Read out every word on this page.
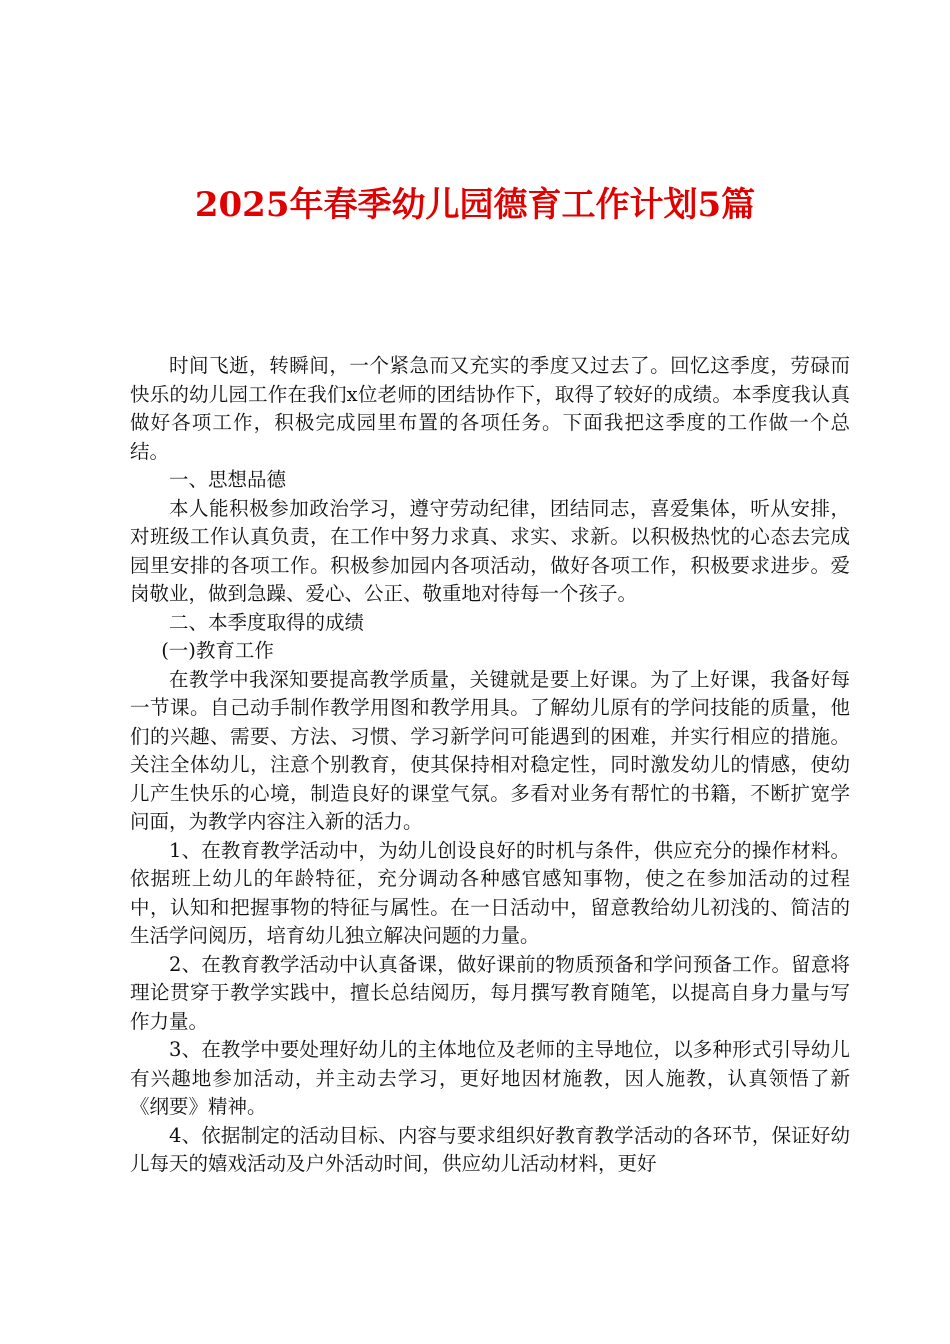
2025年春季幼儿园德育工作计划5篇

时间飞逝，转瞬间，一个紧急而又充实的季度又过去了。回忆这季度，劳碌而快乐的幼儿园工作在我们x位老师的团结协作下，取得了较好的成绩。本季度我认真做好各项工作，积极完成园里布置的各项任务。下面我把这季度的工作做一个总结。

一、思想品德

本人能积极参加政治学习，遵守劳动纪律，团结同志，喜爱集体，听从安排，对班级工作认真负责，在工作中努力求真、求实、求新。以积极热忱的心态去完成园里安排的各项工作。积极参加园内各项活动，做好各项工作，积极要求进步。爱岗敬业，做到急躁、爱心、公正、敬重地对待每一个孩子。

二、本季度取得的成绩

(一)教育工作

在教学中我深知要提高教学质量，关键就是要上好课。为了上好课，我备好每一节课。自己动手制作教学用图和教学用具。了解幼儿原有的学问技能的质量，他们的兴趣、需要、方法、习惯、学习新学问可能遇到的困难，并实行相应的措施。关注全体幼儿，注意个别教育，使其保持相对稳定性，同时激发幼儿的情感，使幼儿产生快乐的心境，制造良好的课堂气氛。多看对业务有帮忙的书籍，不断扩宽学问面，为教学内容注入新的活力。

1、在教育教学活动中，为幼儿创设良好的时机与条件，供应充分的操作材料。依据班上幼儿的年龄特征，充分调动各种感官感知事物，使之在参加活动的过程中，认知和把握事物的特征与属性。在一日活动中，留意教给幼儿初浅的、简洁的生活学问阅历，培育幼儿独立解决问题的力量。

2、在教育教学活动中认真备课，做好课前的物质预备和学问预备工作。留意将理论贯穿于教学实践中，擅长总结阅历，每月撰写教育随笔，以提高自身力量与写作力量。

3、在教学中要处理好幼儿的主体地位及老师的主导地位，以多种形式引导幼儿有兴趣地参加活动，并主动去学习，更好地因材施教，因人施教，认真领悟了新《纲要》精神。

4、依据制定的活动目标、内容与要求组织好教育教学活动的各环节，保证好幼儿每天的嬉戏活动及户外活动时间，供应幼儿活动材料，更好
